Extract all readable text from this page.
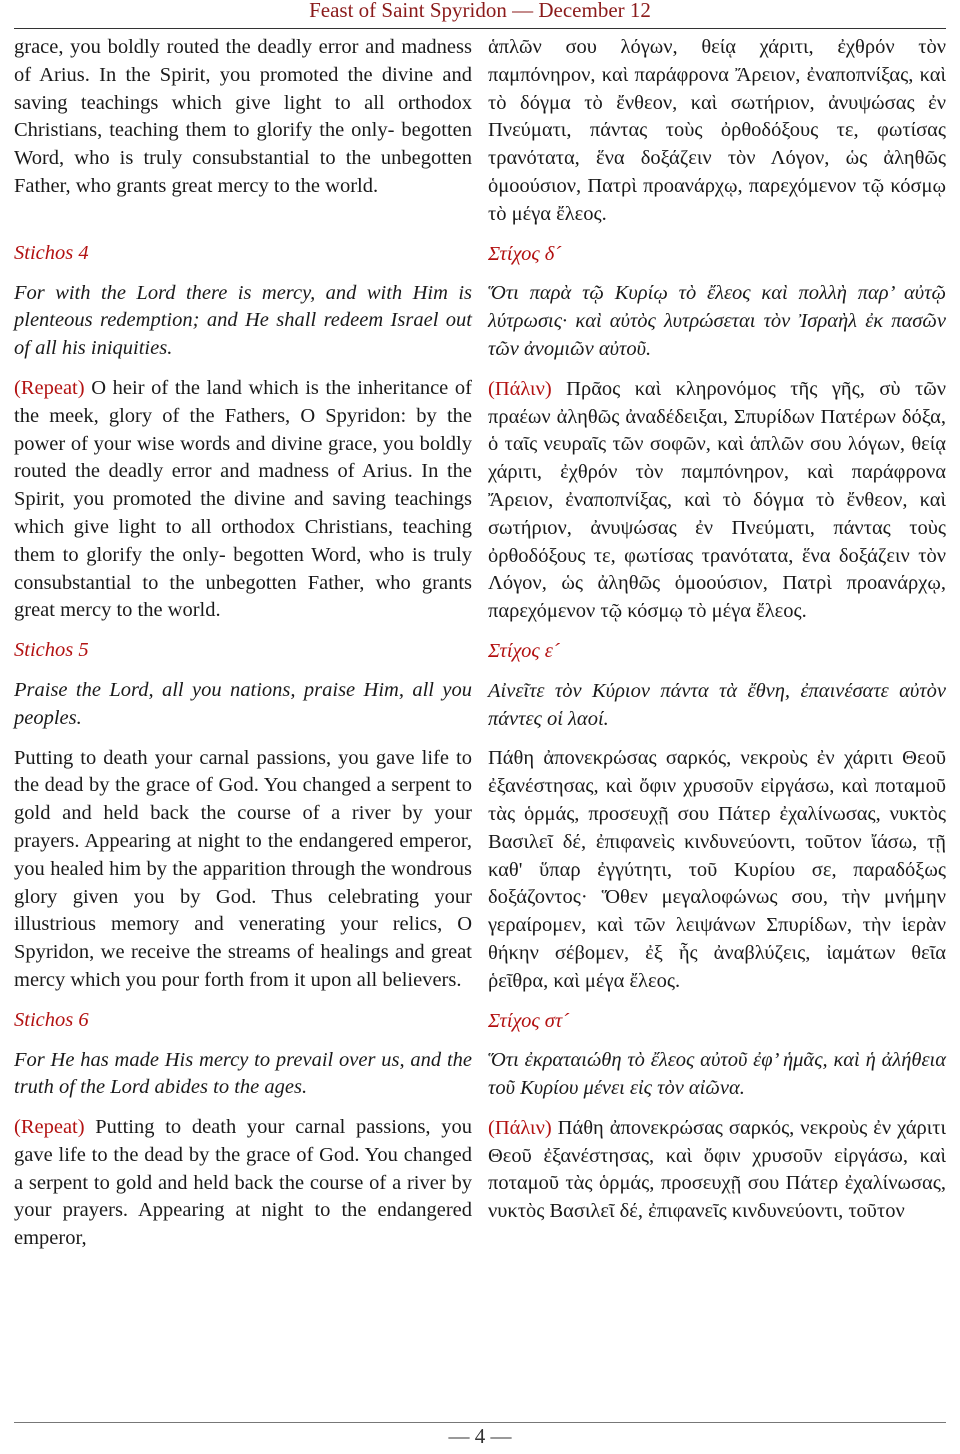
Feast of Saint Spyridon — December 12

grace, you boldly routed the deadly error and madness of Arius. In the Spirit, you promoted the divine and saving teachings which give light to all orthodox Christians, teaching them to glorify the only- begotten Word, who is truly consubstantial to the unbegotten Father, who grants great mercy to the world.

Stichos 4

For with the Lord there is mercy, and with Him is plenteous redemption; and He shall redeem Israel out of all his iniquities.

(Repeat) O heir of the land which is the inheritance of the meek, glory of the Fathers, O Spyridon: by the power of your wise words and divine grace, you boldly routed the deadly error and madness of Arius. In the Spirit, you promoted the divine and saving teachings which give light to all orthodox Christians, teaching them to glorify the only- begotten Word, who is truly consubstantial to the unbegotten Father, who grants great mercy to the world.

Stichos 5

Praise the Lord, all you nations, praise Him, all you peoples.

Putting to death your carnal passions, you gave life to the dead by the grace of God. You changed a serpent to gold and held back the course of a river by your prayers. Appearing at night to the endangered emperor, you healed him by the apparition through the wondrous glory given you by God. Thus celebrating your illustrious memory and venerating your relics, O Spyridon, we receive the streams of healings and great mercy which you pour forth from it upon all believers.

Stichos 6

For He has made His mercy to prevail over us, and the truth of the Lord abides to the ages.

(Repeat) Putting to death your carnal passions, you gave life to the dead by the grace of God. You changed a serpent to gold and held back the course of a river by your prayers. Appearing at night to the endangered emperor,

ἁπλῶν σου λόγων, θείᾳ χάριτι, ἐχθρόν τὸν παμπόνηρον, καὶ παράφρονα Ἄρειον, ἐναποπνίξας, καὶ τὸ δόγμα τὸ ἔνθεον, καὶ σωτήριον, ἀνυψώσας ἐν Πνεύματι, πάντας τοὺς ὀρθοδόξους τε, φωτίσας τρανότατα, ἕνα δοξάζειν τὸν Λόγον, ὡς ἀληθῶς ὁμοούσιον, Πατρὶ προανάρχῳ, παρεχόμενον τῷ κόσμῳ τὸ μέγα ἔλεος.

Στίχος δ´

Ὅτι παρὰ τῷ Κυρίῳ τὸ ἔλεος καὶ πολλὴ παρ’ αὐτῷ λύτρωσις· καὶ αὐτὸς λυτρώσεται τὸν Ἰσραὴλ ἐκ πασῶν τῶν ἀνομιῶν αὐτοῦ.

(Πάλιν) Πρᾶος καὶ κληρονόμος τῆς γῆς, σὺ τῶν πραέων ἀληθῶς ἀναδέδειξαι, Σπυρίδων Πατέρων δόξα, ὁ ταῖς νευραῖς τῶν σοφῶν, καὶ ἁπλῶν σου λόγων, θείᾳ χάριτι, ἐχθρόν τὸν παμπόνηρον, καὶ παράφρονα Ἄρειον, ἐναποπνίξας, καὶ τὸ δόγμα τὸ ἔνθεον, καὶ σωτήριον, ἀνυψώσας ἐν Πνεύματι, πάντας τοὺς ὀρθοδόξους τε, φωτίσας τρανότατα, ἕνα δοξάζειν τὸν Λόγον, ὡς ἀληθῶς ὁμοούσιον, Πατρὶ προανάρχῳ, παρεχόμενον τῷ κόσμῳ τὸ μέγα ἔλεος.

Στίχος ε´

Αἰνεῖτε τὸν Κύριον πάντα τὰ ἔθνη, ἐπαινέσατε αὐτὸν πάντες οἱ λαοί.

Πάθη ἀπονεκρώσας σαρκός, νεκροὺς ἐν χάριτι Θεοῦ ἐξανέστησας, καὶ ὄφιν χρυσοῦν εἰργάσω, καὶ ποταμοῦ τὰς ὁρμάς, προσευχῇ σου Πάτερ ἐχαλίνωσας, νυκτὸς Βασιλεῖ δέ, ἐπιφανεὶς κινδυνεύοντι, τοῦτον ἴάσω, τῇ καθ' ὕπαρ ἐγγύτητι, τοῦ Κυρίου σε, παραδόξως δοξάζοντος· Ὅθεν μεγαλοφώνως σου, τὴν μνήμην γεραίρομεν, καὶ τῶν λειψάνων Σπυρίδων, τὴν ἱερὰν θήκην σέβομεν, ἐξ ἧς ἀναβλύζεις, ἰαμάτων θεῖα ῥεῖθρα, καὶ μέγα ἔλεος.

Στίχος στ´

Ὅτι ἐκραταιώθη τὸ ἔλεος αὐτοῦ ἐφ’ ἡμᾶς, καὶ ἡ ἀλήθεια τοῦ Κυρίου μένει εἰς τὸν αἰῶνα.

(Πάλιν) Πάθη ἀπονεκρώσας σαρκός, νεκροὺς ἐν χάριτι Θεοῦ ἐξανέστησας, καὶ ὄφιν χρυσοῦν εἰργάσω, καὶ ποταμοῦ τὰς ὁρμάς, προσευχῇ σου Πάτερ ἐχαλίνωσας, νυκτὸς Βασιλεῖ δέ, ἐπιφανεῖς κινδυνεύοντι, τοῦτον

— 4 —
